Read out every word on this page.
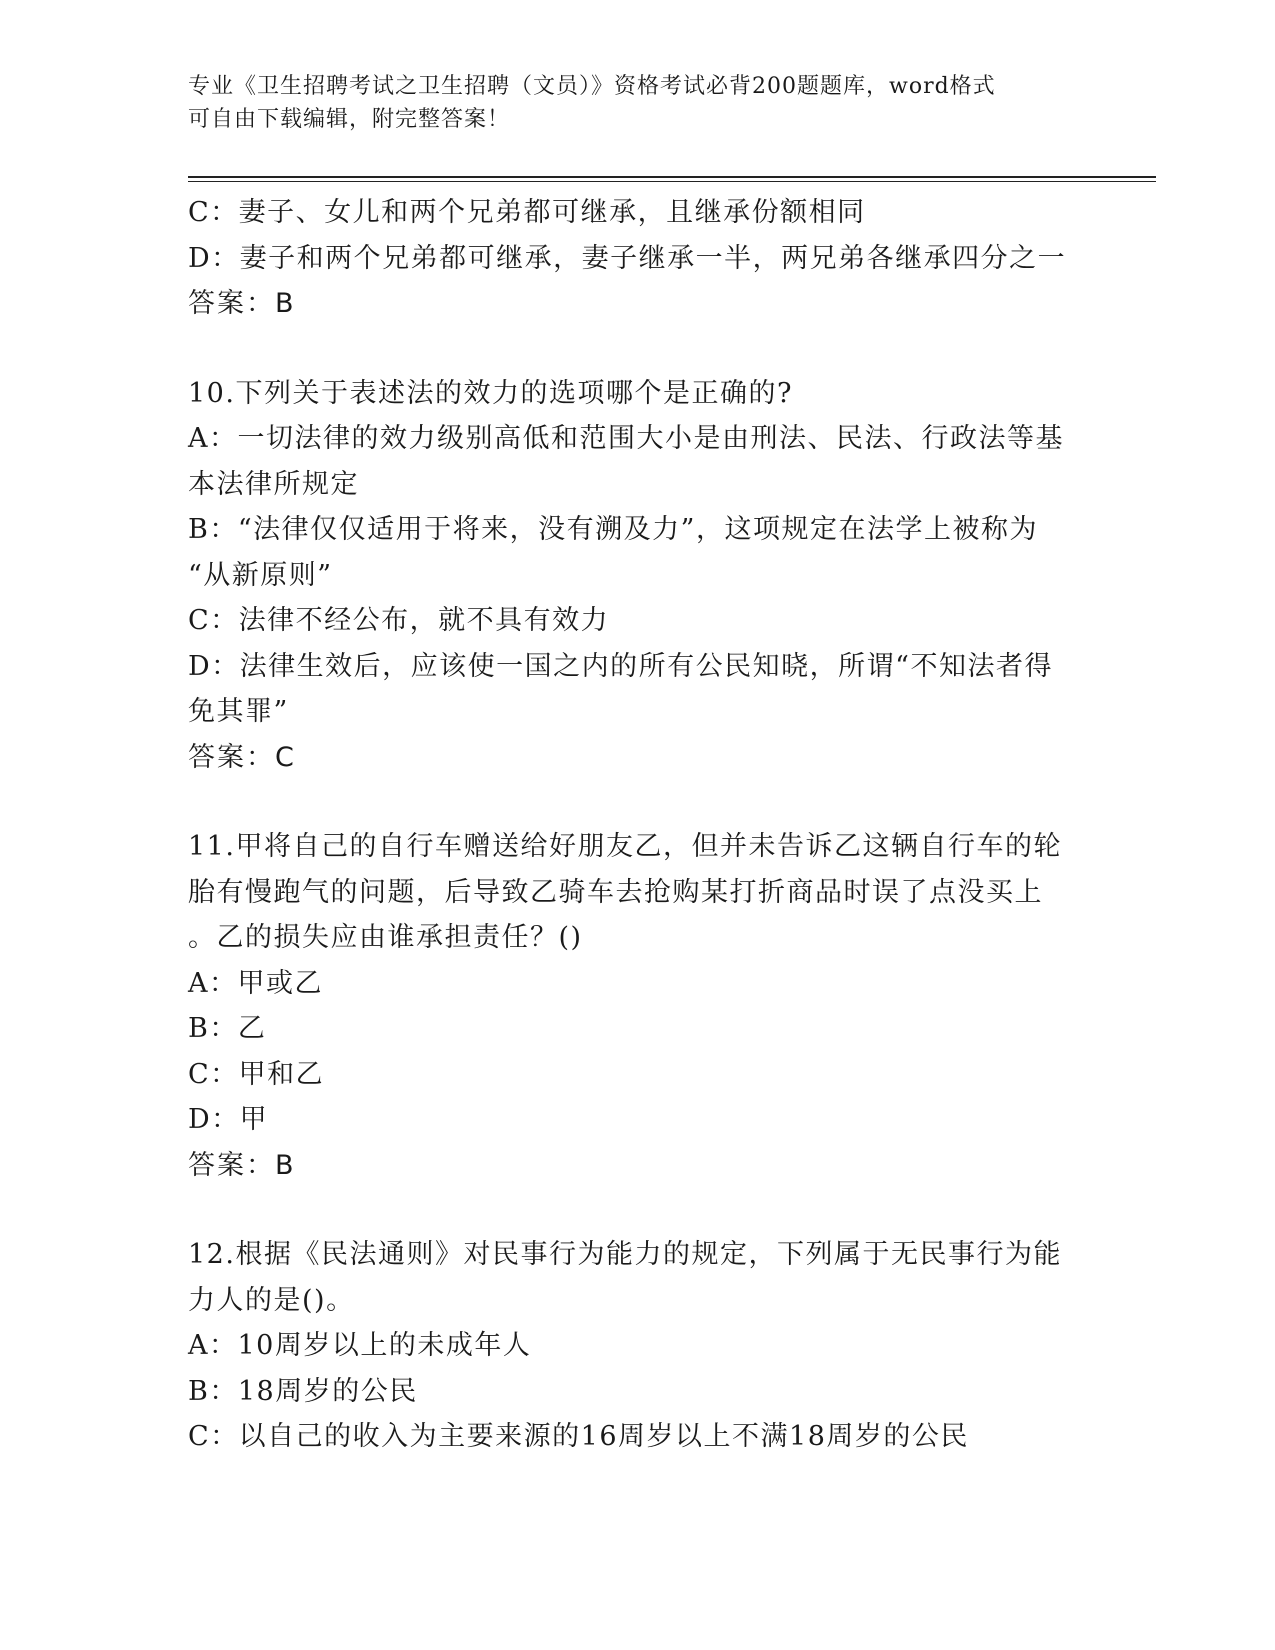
专业《卫生招聘考试之卫生招聘（文员）》资格考试必背200题题库，word格式
可自由下载编辑，附完整答案！
C：妻子、女儿和两个兄弟都可继承，且继承份额相同
D：妻子和两个兄弟都可继承，妻子继承一半，两兄弟各继承四分之一
答案：B
10.下列关于表述法的效力的选项哪个是正确的?
A：一切法律的效力级别高低和范围大小是由刑法、民法、行政法等基
本法律所规定
B：“法律仅仅适用于将来，没有溯及力”，这项规定在法学上被称为
“从新原则”
C：法律不经公布，就不具有效力
D：法律生效后，应该使一国之内的所有公民知晓，所谓“不知法者得
免其罪”
答案：C
11.甲将自己的自行车赠送给好朋友乙，但并未告诉乙这辆自行车的轮
胎有慢跑气的问题，后导致乙骑车去抢购某打折商品时误了点没买上
。乙的损失应由谁承担责任？()
A：甲或乙
B：乙
C：甲和乙
D：甲
答案：B
12.根据《民法通则》对民事行为能力的规定，下列属于无民事行为能
力人的是()。
A：10周岁以上的未成年人
B：18周岁的公民
C：以自己的收入为主要来源的16周岁以上不满18周岁的公民
